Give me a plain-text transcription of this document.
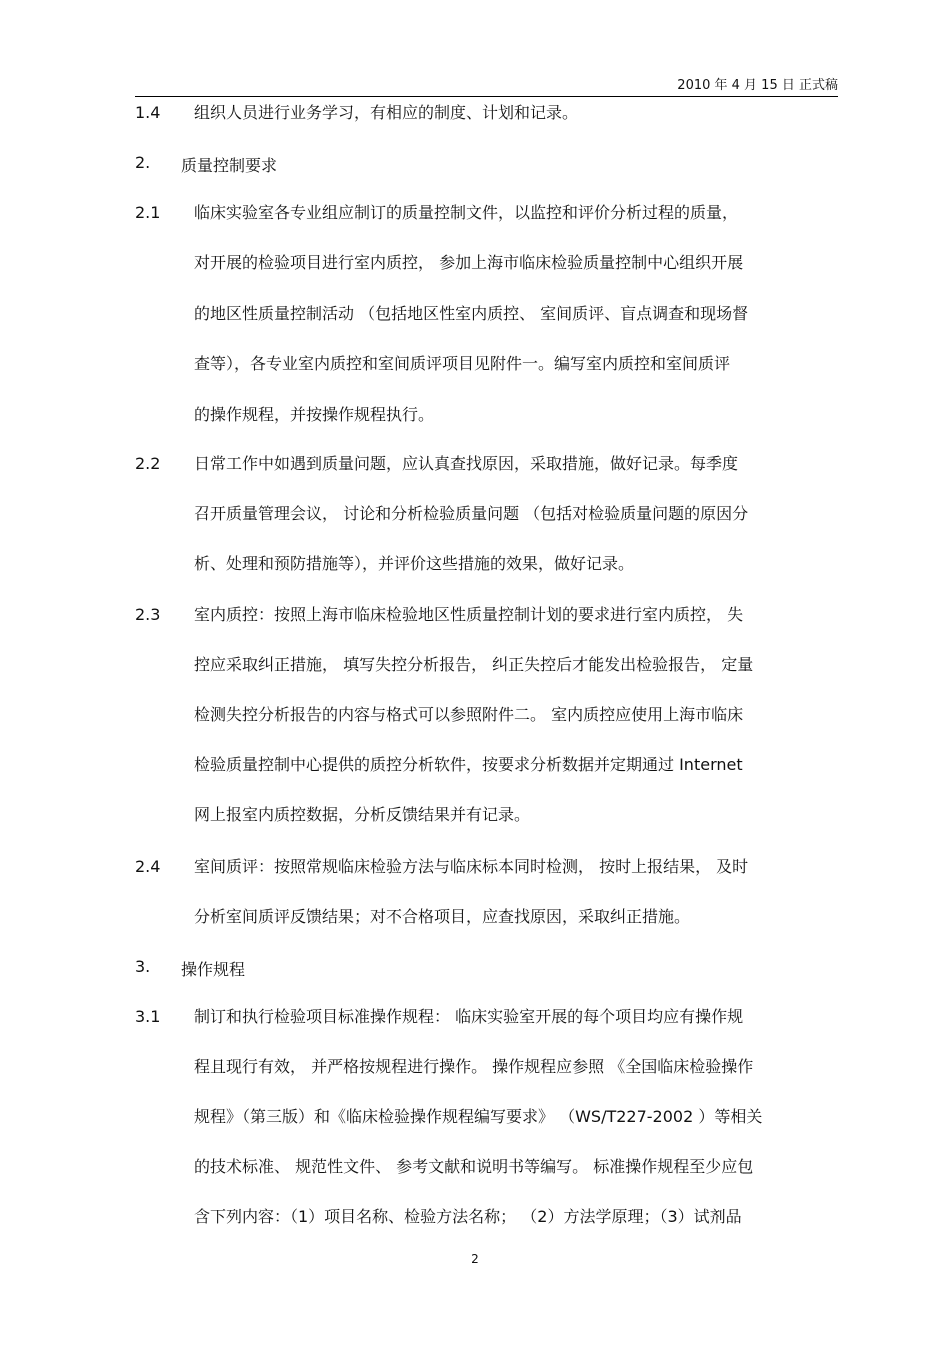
2010 年 4 月 15 日 正式稿
1.4 组织人员进行业务学习，有相应的制度、计划和记录。
2. 质量控制要求
2.1 临床实验室各专业组应制订的质量控制文件，以监控和评价分析过程的质量，
对开展的检验项目进行室内质控， 参加上海市临床检验质量控制中心组织开展
的地区性质量控制活动 （包括地区性室内质控、 室间质评、盲点调查和现场督
查等），各专业室内质控和室间质评项目见附件一。编写室内质控和室间质评
的操作规程，并按操作规程执行。
2.2 日常工作中如遇到质量问题，应认真查找原因，采取措施，做好记录。每季度
召开质量管理会议， 讨论和分析检验质量问题 （包括对检验质量问题的原因分
析、处理和预防措施等），并评价这些措施的效果，做好记录。
2.3 室内质控：按照上海市临床检验地区性质量控制计划的要求进行室内质控， 失
控应采取纠正措施， 填写失控分析报告， 纠正失控后才能发出检验报告， 定量
检测失控分析报告的内容与格式可以参照附件二。 室内质控应使用上海市临床
检验质量控制中心提供的质控分析软件，按要求分析数据并定期通过 Internet
网上报室内质控数据，分析反馈结果并有记录。
2.4 室间质评：按照常规临床检验方法与临床标本同时检测， 按时上报结果， 及时
分析室间质评反馈结果；对不合格项目，应查找原因，采取纠正措施。
3. 操作规程
3.1 制订和执行检验项目标准操作规程： 临床实验室开展的每个项目均应有操作规
程且现行有效， 并严格按规程进行操作。 操作规程应参照 《全国临床检验操作
规程》（第三版）和《临床检验操作规程编写要求》 （WS/T227-2002 ）等相关
的技术标准、 规范性文件、 参考文献和说明书等编写。 标准操作规程至少应包
含下列内容：（1）项目名称、检验方法名称； （2）方法学原理；（3）试剂品
2
